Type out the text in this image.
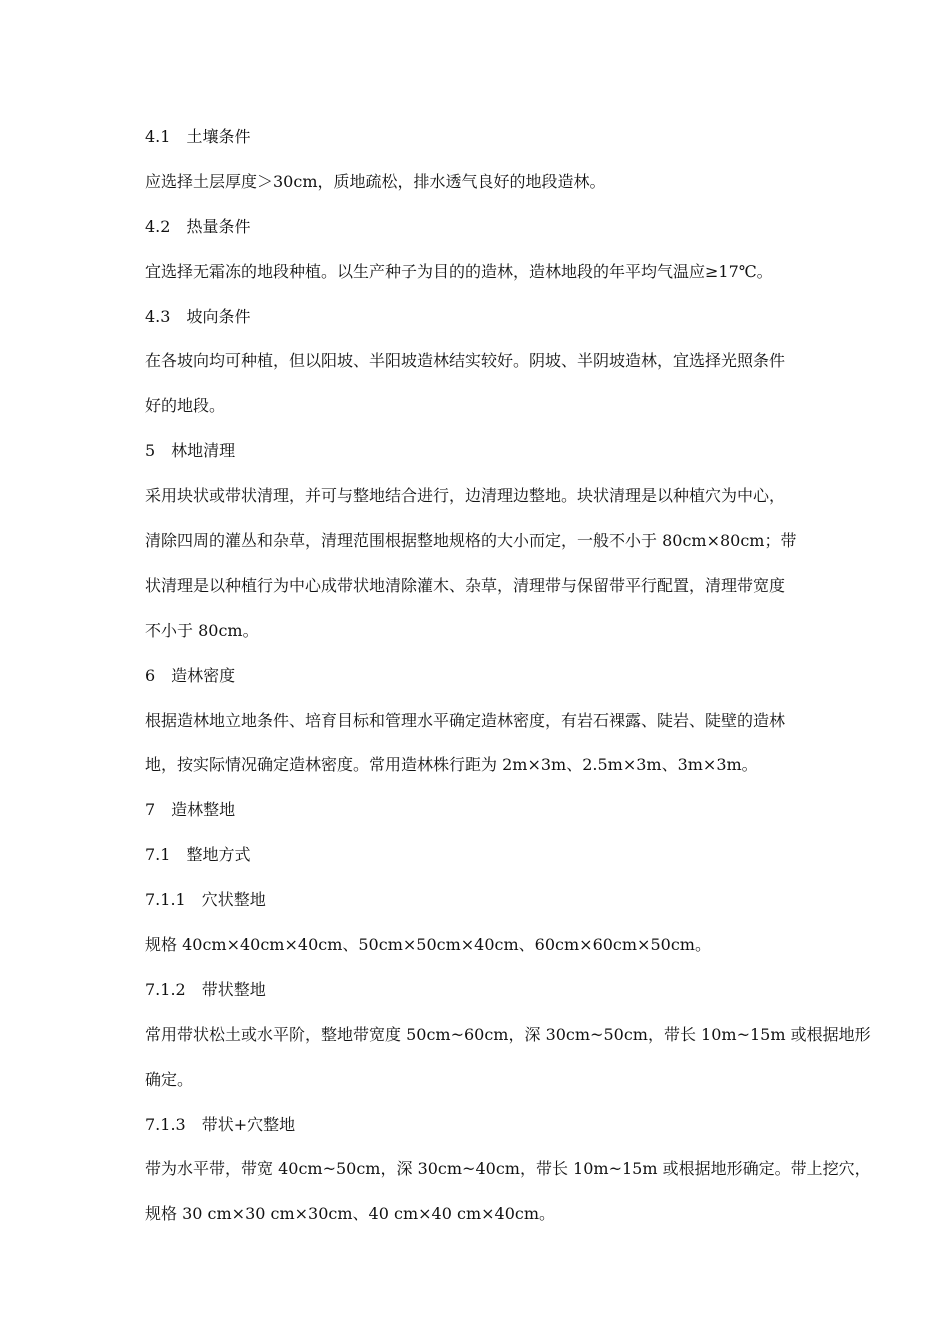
4.1　土壤条件
应选择土层厚度＞30cm，质地疏松，排水透气良好的地段造林。
4.2　热量条件
宜选择无霜冻的地段种植。以生产种子为目的的造林，造林地段的年平均气温应≥17℃。
4.3　坡向条件
在各坡向均可种植，但以阳坡、半阳坡造林结实较好。阴坡、半阴坡造林，宜选择光照条件
好的地段。
5　林地清理
采用块状或带状清理，并可与整地结合进行，边清理边整地。块状清理是以种植穴为中心，
清除四周的灌丛和杂草，清理范围根据整地规格的大小而定，一般不小于 80cm×80cm；带
状清理是以种植行为中心成带状地清除灌木、杂草，清理带与保留带平行配置，清理带宽度
不小于 80cm。
6　造林密度
根据造林地立地条件、培育目标和管理水平确定造林密度，有岩石裸露、陡岩、陡壁的造林
地，按实际情况确定造林密度。常用造林株行距为 2m×3m、2.5m×3m、3m×3m。
7　造林整地
7.1　整地方式
7.1.1　穴状整地
规格 40cm×40cm×40cm、50cm×50cm×40cm、60cm×60cm×50cm。
7.1.2　带状整地
常用带状松土或水平阶，整地带宽度 50cm~60cm，深 30cm~50cm，带长 10m~15m 或根据地形
确定。
7.1.3　带状+穴整地
带为水平带，带宽 40cm~50cm，深 30cm~40cm，带长 10m~15m 或根据地形确定。带上挖穴，
规格 30 cm×30 cm×30cm、40 cm×40 cm×40cm。
